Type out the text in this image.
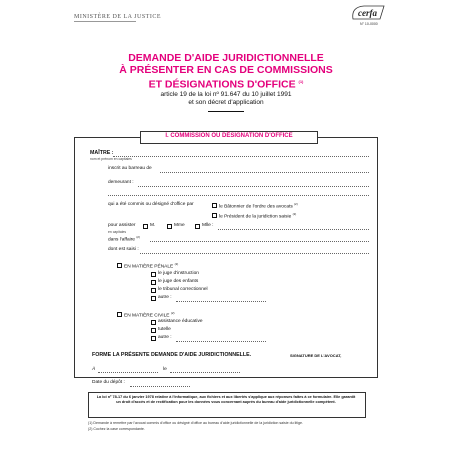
MINISTÈRE DE LA JUSTICE	cerfa
N° 10-0000
DEMANDE D'AIDE JURIDICTIONNELLE
À PRÉSENTER EN CAS DE COMMISSIONS
ET DÉSIGNATIONS D'OFFICE $^{(1)}$
article 19 de la loi nº 91.647 du 10 juillet 1991
et son décret d'application
I. COMMISSION OU DÉSIGNATION D'OFFICE
MAÎTRE :
nom et prénom en capitales
inscrit au barreau de
demeurant :
qui a été commis ou désigné d'office par
le Bâtonnier de l'ordre des avocats $^{(2)}$
le Président de la juridiction saisie $^{(2)}$
pour assister
en capitales
M.	Mme	Mlle :
dans l'affaire $^{(2)}$
dont est saisi :
EN MATIÈRE PÉNALE $^{(2)}$
le juge d'instruction
le juge des enfants
le tribunal correctionnel
autre :
EN MATIÈRE CIVILE $^{(2)}$
assistance éducative
tutelle
autre :
FORME LA PRÉSENTE DEMANDE D'AIDE JURIDICTIONNELLE.	SIGNATURE DE L'AVOCAT,
À	le
Date du dépôt :
La loi nº 78-17 du 6 janvier 1978 relative à l'informatique, aux fichiers et aux libertés s'applique aux réponses faites à ce formulaire. Elle garantit un droit d'accès et de rectification pour les données vous concernant auprès du bureau d'aide juridictionnelle compétent.
(1) Demande à remettre par l'avocat commis d'office ou désigné d'office au bureau d'aide juridictionnelle de la juridiction saisie du litige.
(2) Cochez la case correspondante.
